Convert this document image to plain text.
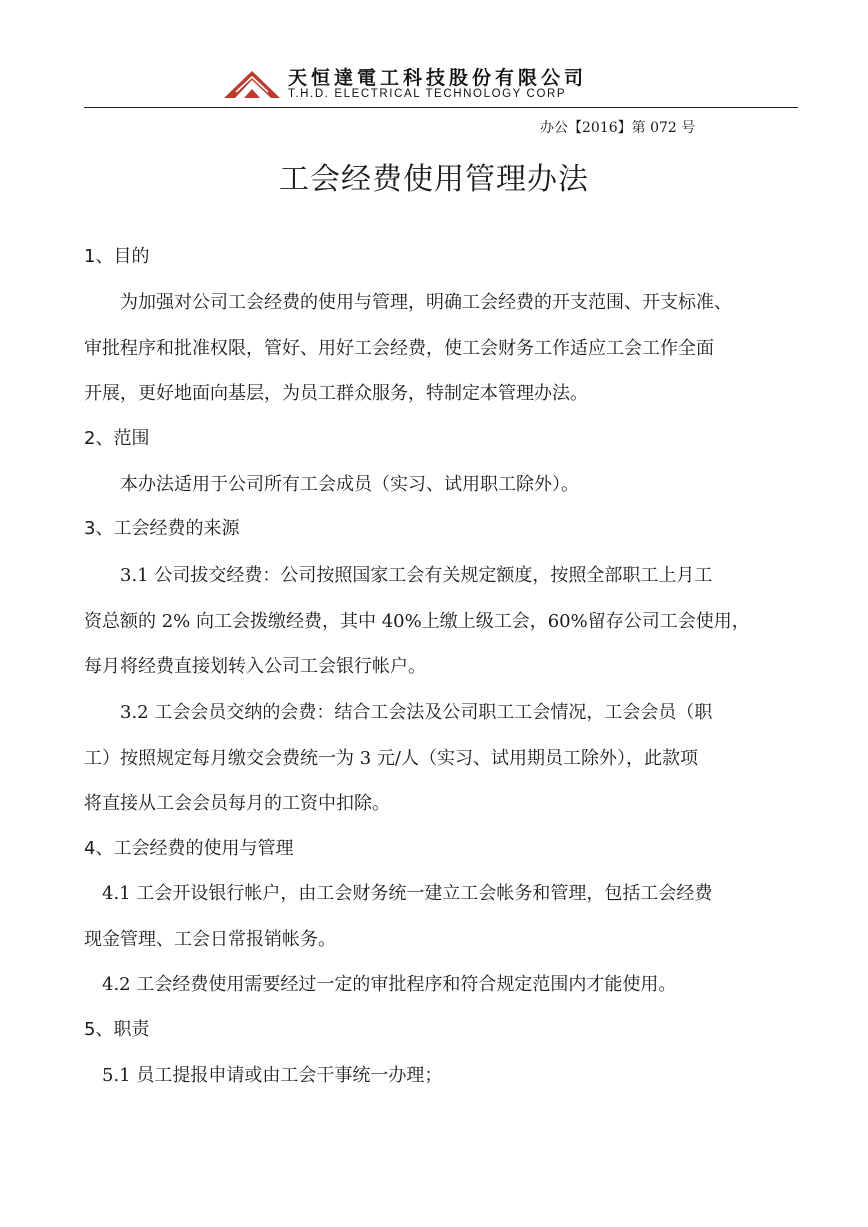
天恒達電工科技股份有限公司
T.H.D. ELECTRICAL TECHNOLOGY CORP
办公【2016】第 072 号
工会经费使用管理办法
1、目的
为加强对公司工会经费的使用与管理，明确工会经费的开支范围、开支标准、
审批程序和批准权限，管好、用好工会经费，使工会财务工作适应工会工作全面
开展，更好地面向基层，为员工群众服务，特制定本管理办法。
2、范围
本办法适用于公司所有工会成员（实习、试用职工除外）。
3、工会经费的来源
3.1 公司拔交经费：公司按照国家工会有关规定额度，按照全部职工上月工
资总额的 2% 向工会拨缴经费，其中 40%上缴上级工会，60%留存公司工会使用，
每月将经费直接划转入公司工会银行帐户。
3.2 工会会员交纳的会费：结合工会法及公司职工工会情况，工会会员（职
工）按照规定每月缴交会费统一为 3 元/人（实习、试用期员工除外），此款项
将直接从工会会员每月的工资中扣除。
4、工会经费的使用与管理
4.1 工会开设银行帐户，由工会财务统一建立工会帐务和管理，包括工会经费
现金管理、工会日常报销帐务。
4.2 工会经费使用需要经过一定的审批程序和符合规定范围内才能使用。
5、职责
5.1 员工提报申请或由工会干事统一办理；
